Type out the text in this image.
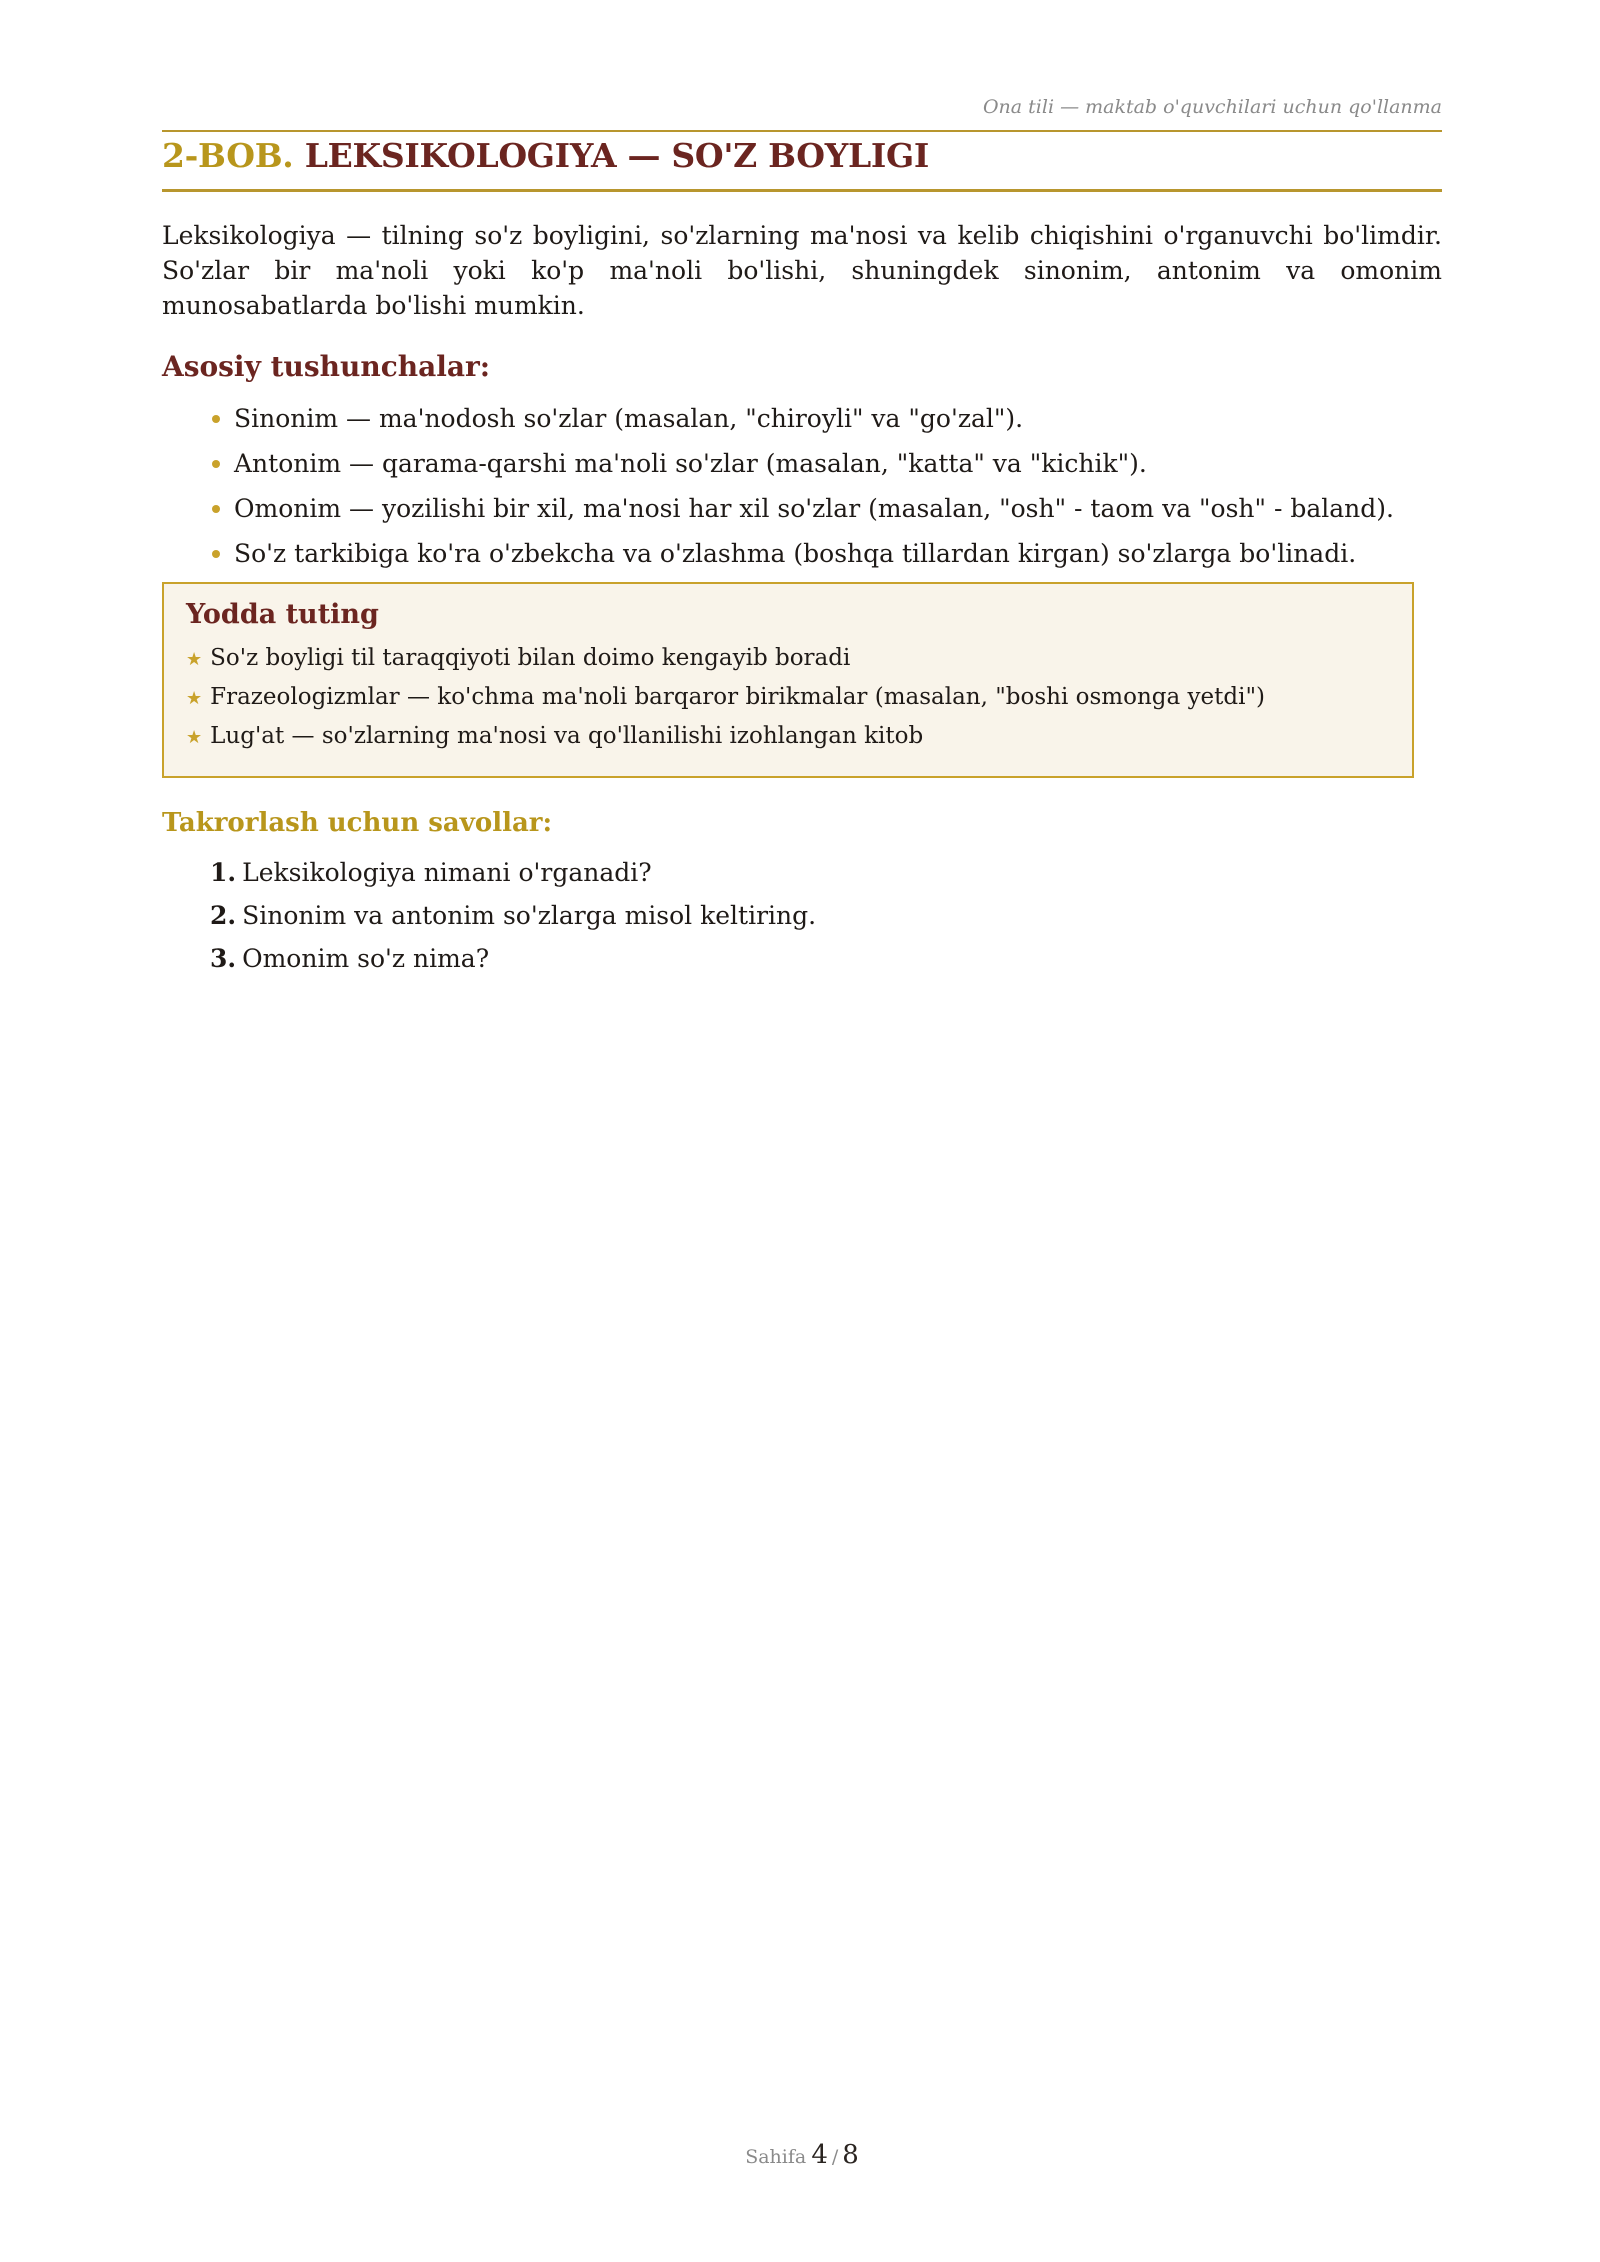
Ona tili — maktab o'quvchilari uchun qo'llanma
2-BOB. LEKSIKOLOGIYA — SO'Z BOYLIGI

Leksikologiya — tilning so'z boyligini, so'zlarning ma'nosi va kelib chiqishini o'rganuvchi bo'limdir. So'zlar bir ma'noli yoki ko'p ma'noli bo'lishi, shuningdek sinonim, antonim va omonim munosabatlarda bo'lishi mumkin.

Asosiy tushunchalar:
Sinonim — ma'nodosh so'zlar (masalan, "chiroyli" va "go'zal").
Antonim — qarama-qarshi ma'noli so'zlar (masalan, "katta" va "kichik").
Omonim — yozilishi bir xil, ma'nosi har xil so'zlar (masalan, "osh" - taom va "osh" - baland).
So'z tarkibiga ko'ra o'zbekcha va o'zlashma (boshqa tillardan kirgan) so'zlarga bo'linadi.
Yodda tuting
★ So'z boyligi til taraqqiyoti bilan doimo kengayib boradi
★ Frazeologizmlar — ko'chma ma'noli barqaror birikmalar (masalan, "boshi osmonga yetdi")
★ Lug'at — so'zlarning ma'nosi va qo'llanilishi izohlangan kitob
Takrorlash uchun savollar:
1. Leksikologiya nimani o'rganadi?
2. Sinonim va antonim so'zlarga misol keltiring.
3. Omonim so'z nima?
Sahifa 4 / 8
